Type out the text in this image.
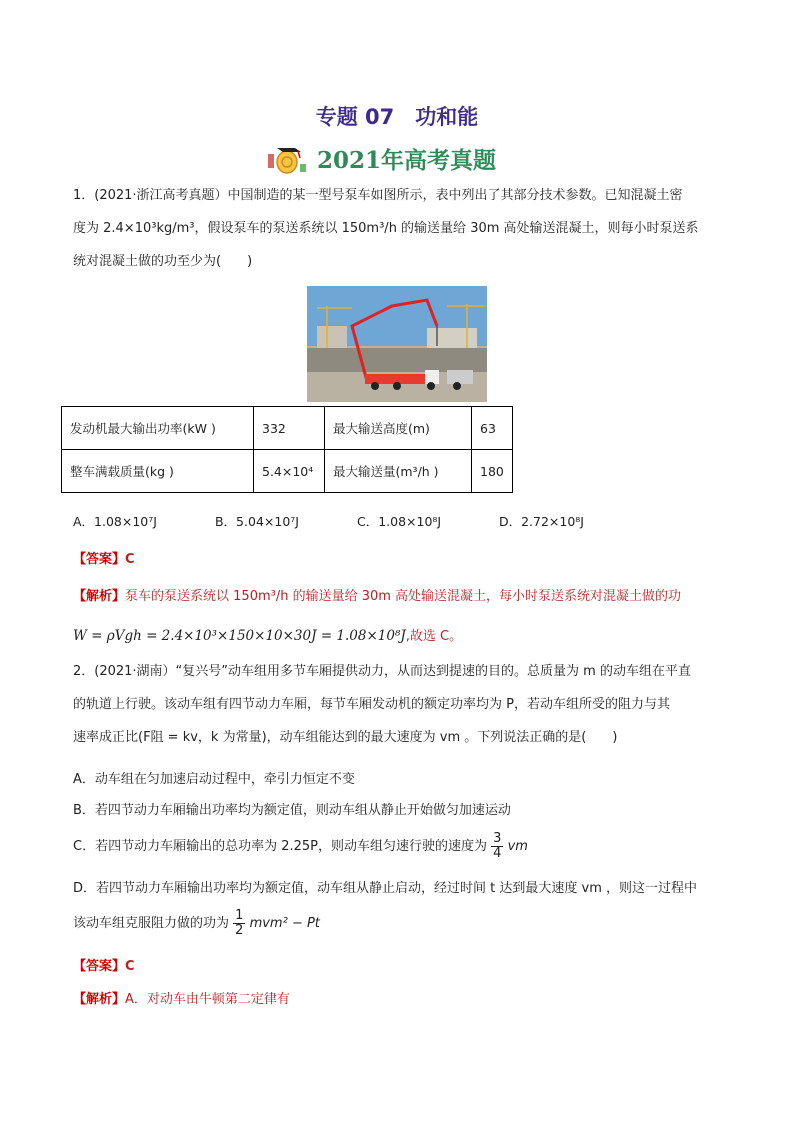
专题 07　功和能
2021年高考真题
1．(2021·浙江高考真题）中国制造的某一型号泵车如图所示，表中列出了其部分技术参数。已知混凝土密
度为 2.4×10³kg/m³，假设泵车的泵送系统以 150m³/h 的输送量给 30m 高处输送混凝土，则每小时泵送系
统对混凝土做的功至少为(　　)
发动机最大输出功率(kW )	332	最大输送高度(m)	63
整车满载质量(kg )	5.4×10⁴	最大输送量(m³/h )	180
A．1.08×10⁷J	B．5.04×10⁷J	C．1.08×10⁸J	D．2.72×10⁸J
【答案】C
【解析】泵车的泵送系统以 150m³/h 的输送量给 30m 高处输送混凝土，每小时泵送系统对混凝土做的功
W = ρVgh = 2.4×10³×150×10×30J = 1.08×10⁸J,故选 C。
2．(2021·湖南）“复兴号”动车组用多节车厢提供动力，从而达到提速的目的。总质量为 m 的动车组在平直
的轨道上行驶。该动车组有四节动力车厢，每节车厢发动机的额定功率均为 P，若动车组所受的阻力与其
速率成正比(F阻 = kv，k 为常量)，动车组能达到的最大速度为 vm 。下列说法正确的是(　　)
A．动车组在匀加速启动过程中，牵引力恒定不变
B．若四节动力车厢输出功率均为额定值，则动车组从静止开始做匀加速运动
C．若四节动力车厢输出的总功率为 2.25P，则动车组匀速行驶的速度为 $\frac{3}{4}$ vm
D．若四节动力车厢输出功率均为额定值，动车组从静止启动，经过时间 t 达到最大速度 vm ，则这一过程中
该动车组克服阻力做的功为 $\frac{1}{2} mvm^2 - Pt$
【答案】C
【解析】A．对动车由牛顿第二定律有
